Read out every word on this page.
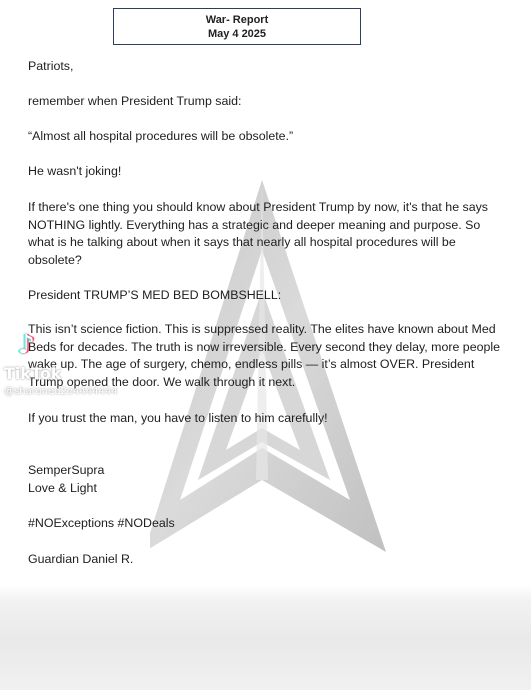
War- Report
May 4 2025

Patriots,

remember when President Trump said:

“Almost all hospital procedures will be obsolete.”

He wasn't joking!

If there's one thing you should know about President Trump by now, it's that he says NOTHING lightly. Everything has a strategic and deeper meaning and purpose. So what is he talking about when it says that nearly all hospital procedures will be obsolete?

President TRUMP’S MED BED BOMBSHELL:

This isn’t science fiction. This is suppressed reality. The elites have known about Med Beds for decades. The truth is now irreversible. Every second they delay, more people wake up. The age of surgery, chemo, endless pills — it’s almost OVER. President Trump opened the door. We walk through it next.

If you trust the man, you have to listen to him carefully!

SemperSupra

Love & Light

#NOExceptions #NODeals

Guardian Daniel R.

♪
TikTok
@sharoned2o4444444
